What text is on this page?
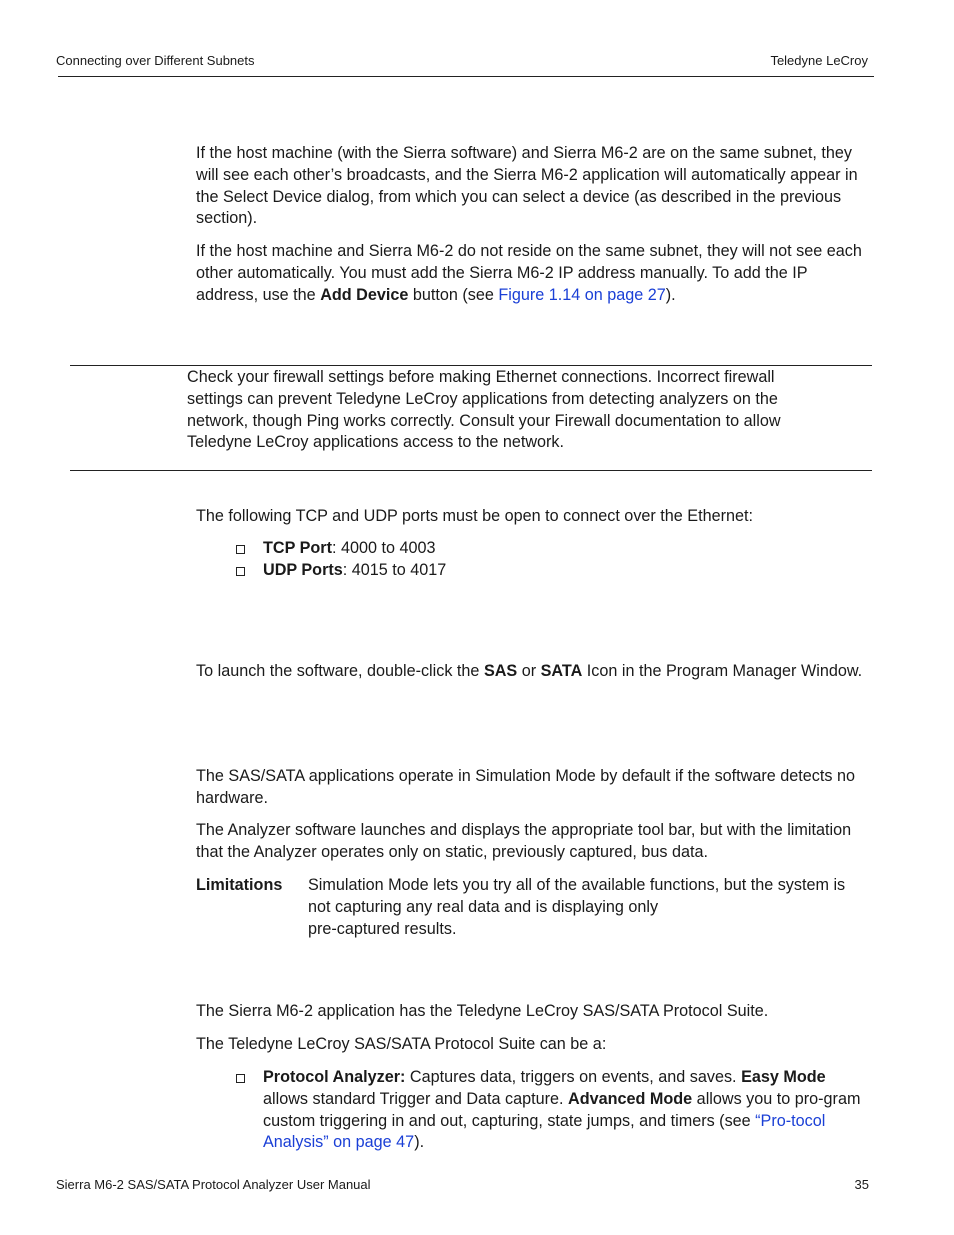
Connecting over Different Subnets	Teledyne LeCroy
If the host machine (with the Sierra software) and Sierra M6-2 are on the same subnet, they will see each other’s broadcasts, and the Sierra M6-2 application will automatically appear in the Select Device dialog, from which you can select a device (as described in the previous section).
If the host machine and Sierra M6-2 do not reside on the same subnet, they will not see each other automatically. You must add the Sierra M6-2 IP address manually. To add the IP address, use the Add Device button (see Figure 1.14 on page 27).
Check your firewall settings before making Ethernet connections. Incorrect firewall settings can prevent Teledyne LeCroy applications from detecting analyzers on the network, though Ping works correctly. Consult your Firewall documentation to allow Teledyne LeCroy applications access to the network.
The following TCP and UDP ports must be open to connect over the Ethernet:
TCP Port: 4000 to 4003
UDP Ports: 4015 to 4017
To launch the software, double-click the SAS or SATA Icon in the Program Manager Window.
The SAS/SATA applications operate in Simulation Mode by default if the software detects no hardware.
The Analyzer software launches and displays the appropriate tool bar, but with the limitation that the Analyzer operates only on static, previously captured, bus data.
Limitations Simulation Mode lets you try all of the available functions, but the system is not capturing any real data and is displaying only
pre-captured results.
The Sierra M6-2 application has the Teledyne LeCroy SAS/SATA Protocol Suite.
The Teledyne LeCroy SAS/SATA Protocol Suite can be a:
Protocol Analyzer: Captures data, triggers on events, and saves. Easy Mode allows standard Trigger and Data capture. Advanced Mode allows you to pro-gram custom triggering in and out, capturing, state jumps, and timers (see “Pro-tocol Analysis” on page 47).
Sierra M6-2 SAS/SATA Protocol Analyzer User Manual	35
